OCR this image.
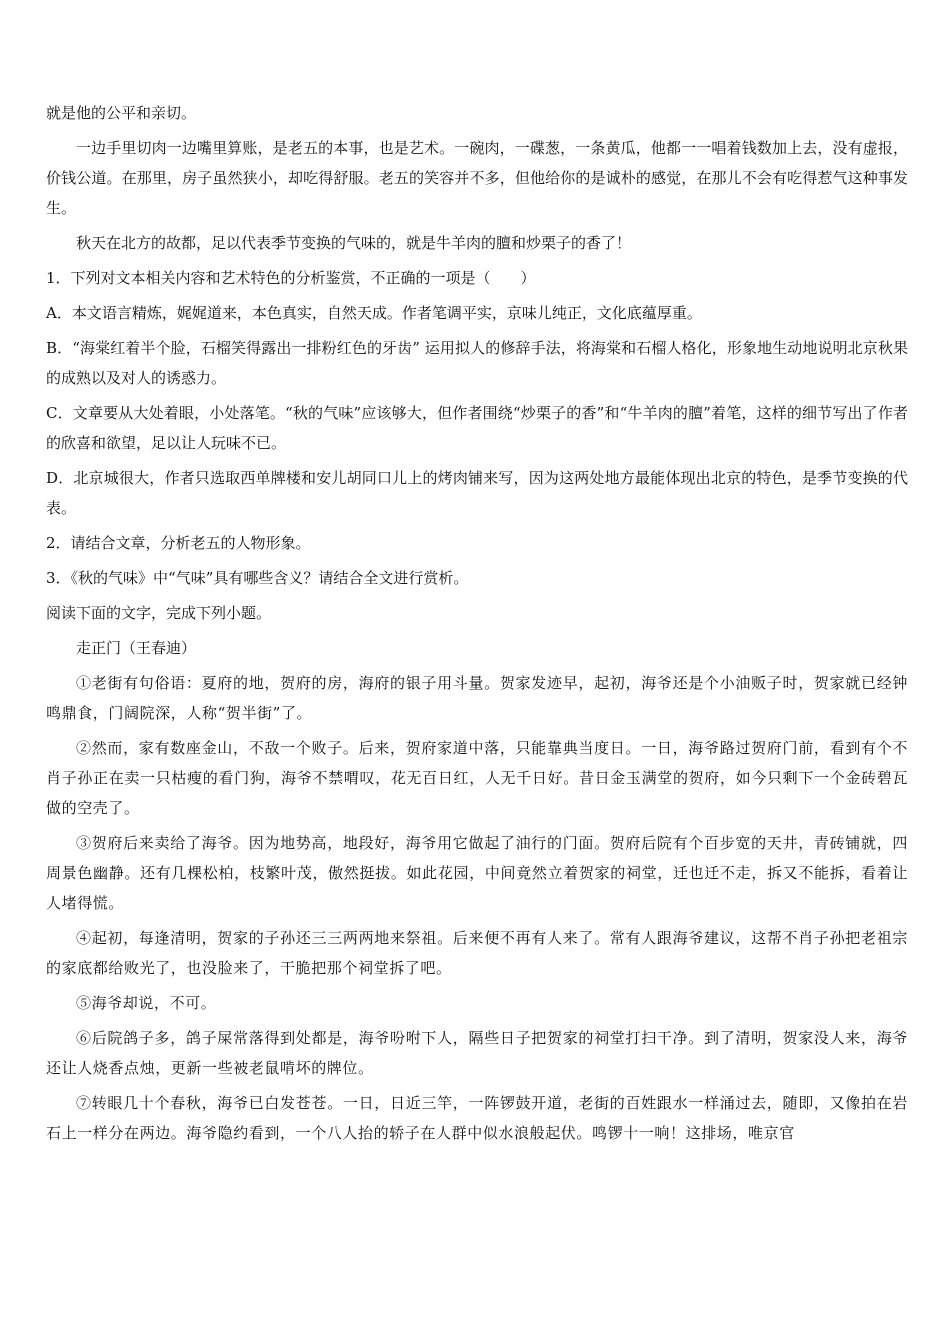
就是他的公平和亲切。

一边手里切肉一边嘴里算账，是老五的本事，也是艺术。一碗肉，一碟葱，一条黄瓜，他都一一唱着钱数加上去，没有虚报，价钱公道。在那里，房子虽然狭小，却吃得舒服。老五的笑容并不多，但他给你的是诚朴的感觉，在那儿不会有吃得惹气这种事发生。

秋天在北方的故都，足以代表季节变换的气味的，就是牛羊肉的膻和炒栗子的香了！

1．下列对文本相关内容和艺术特色的分析鉴赏，不正确的一项是（　　）

A．本文语言精炼，娓娓道来，本色真实，自然天成。作者笔调平实，京味儿纯正，文化底蕴厚重。

B．“海棠红着半个脸，石榴笑得露出一排粉红色的牙齿” 运用拟人的修辞手法，将海棠和石榴人格化，形象地生动地说明北京秋果的成熟以及对人的诱惑力。

C．文章要从大处着眼，小处落笔。“秋的气味”应该够大，但作者围绕“炒栗子的香”和“牛羊肉的膻”着笔，这样的细节写出了作者的欣喜和欲望，足以让人玩味不已。

D．北京城很大，作者只选取西单牌楼和安儿胡同口儿上的烤肉铺来写，因为这两处地方最能体现出北京的特色，是季节变换的代表。

2．请结合文章，分析老五的人物形象。

3．《秋的气味》中“气味”具有哪些含义？请结合全文进行赏析。

阅读下面的文字，完成下列小题。

走正门（王春迪）

①老街有句俗语：夏府的地，贺府的房，海府的银子用斗量。贺家发迹早，起初，海爷还是个小油贩子时，贺家就已经钟鸣鼎食，门阔院深，人称“贺半街”了。

②然而，家有数座金山，不敌一个败子。后来，贺府家道中落，只能靠典当度日。一日，海爷路过贺府门前，看到有个不肖子孙正在卖一只枯瘦的看门狗，海爷不禁喟叹，花无百日红，人无千日好。昔日金玉满堂的贺府，如今只剩下一个金砖碧瓦做的空壳了。

③贺府后来卖给了海爷。因为地势高，地段好，海爷用它做起了油行的门面。贺府后院有个百步宽的天井，青砖铺就，四周景色幽静。还有几棵松柏，枝繁叶茂，傲然挺拔。如此花园，中间竟然立着贺家的祠堂，迁也迁不走，拆又不能拆，看着让人堵得慌。

④起初，每逢清明，贺家的子孙还三三两两地来祭祖。后来便不再有人来了。常有人跟海爷建议，这帮不肖子孙把老祖宗的家底都给败光了，也没脸来了，干脆把那个祠堂拆了吧。

⑤海爷却说，不可。

⑥后院鸽子多，鸽子屎常落得到处都是，海爷吩咐下人，隔些日子把贺家的祠堂打扫干净。到了清明，贺家没人来，海爷还让人烧香点烛，更新一些被老鼠啃坏的牌位。

⑦转眼几十个春秋，海爷已白发苍苍。一日，日近三竿，一阵锣鼓开道，老街的百姓跟水一样涌过去，随即，又像拍在岩石上一样分在两边。海爷隐约看到，一个八人抬的轿子在人群中似水浪般起伏。鸣锣十一响！这排场，唯京官
